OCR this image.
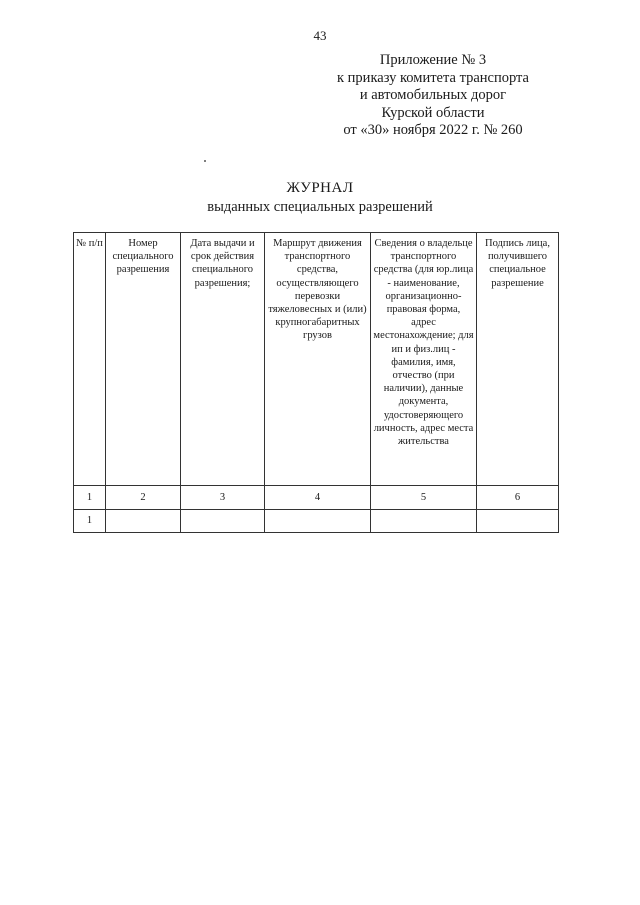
43
Приложение № 3
к приказу комитета транспорта
и автомобильных дорог
Курской области
от «30» ноября 2022 г. № 260
ЖУРНАЛ
выданных специальных разрешений
№ п/п	Номер специального разрешения	Дата выдачи и срок действия специального разрешения;	Маршрут движения транспортного средства, осуществляющего перевозки тяжеловесных и (или) крупногабаритных грузов	Сведения о владельце транспортного средства (для юр.лица - наименование, организационно-правовая форма, адрес местонахождение; для ип и физ.лиц - фамилия, имя, отчество (при наличии), данные документа, удостоверяющего личность, адрес места жительства	Подпись лица, получившего специальное разрешение

1	2	3	4	5	6
1					
